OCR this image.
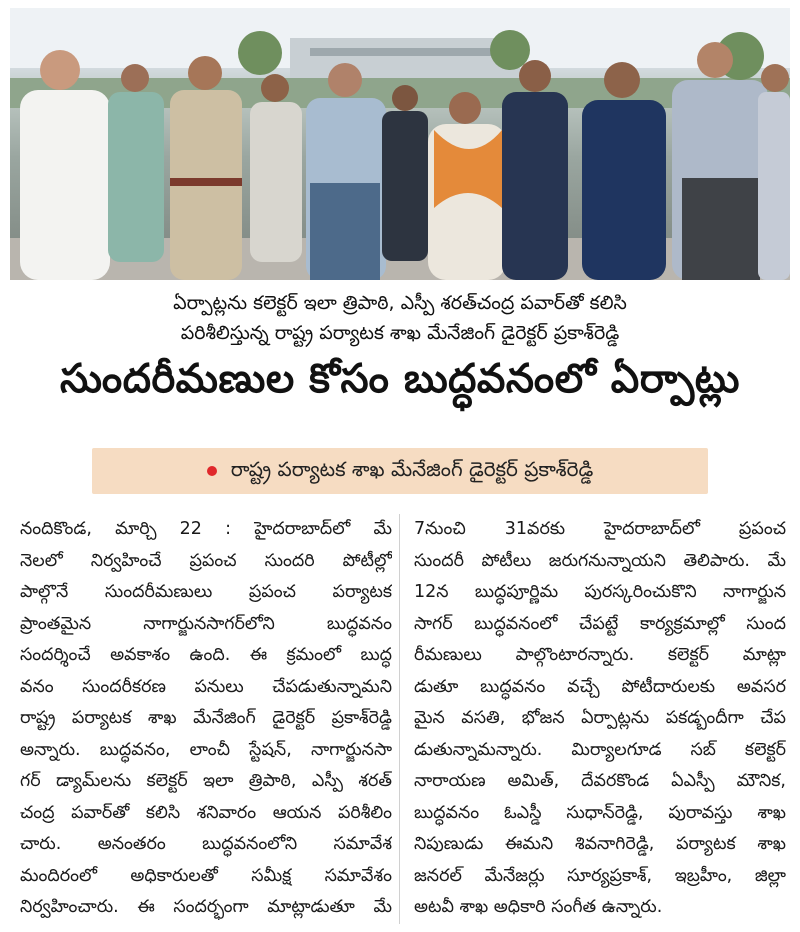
ఏర్పాట్లను కలెక్టర్ ఇలా త్రిపాఠి, ఎస్పీ శరత్‌చంద్ర పవార్‌తో కలిసి
పరిశీలిస్తున్న రాష్ట్ర పర్యాటక శాఖ మేనేజింగ్ డైరెక్టర్ ప్రకాశ్‌రెడ్డి
సుందరీమణుల కోసం బుద్ధవనంలో ఏర్పాట్లు
రాష్ట్ర పర్యాటక శాఖ మేనేజింగ్ డైరెక్టర్ ప్రకాశ్‌రెడ్డి

నందికొండ, మార్చి 22 : హైదరాబాద్‌లో మే

నెలలో నిర్వహించే ప్రపంచ సుందరి పోటీల్లో

పాల్గొనే సుందరీమణులు ప్రపంచ పర్యాటక

ప్రాంతమైన నాగార్జునసాగర్‌లోని బుద్ధవనం

సందర్శించే అవకాశం ఉంది. ఈ క్రమంలో బుద్ధ

వనం సుందరీకరణ పనులు చేపడుతున్నామని

రాష్ట్ర పర్యాటక శాఖ మేనేజింగ్ డైరెక్టర్ ప్రకాశ్‌రెడ్డి

అన్నారు. బుద్ధవనం, లాంచీ స్టేషన్, నాగార్జునసా

గర్ డ్యామ్‌లను కలెక్టర్ ఇలా త్రిపాఠి, ఎస్పీ శరత్

చంద్ర పవార్‌తో కలిసి శనివారం ఆయన పరిశీలిం

చారు. అనంతరం బుద్ధవనంలోని సమావేశ

మందిరంలో అధికారులతో సమీక్ష సమావేశం

నిర్వహించారు. ఈ సందర్భంగా మాట్లాడుతూ మే

7నుంచి 31వరకు హైదరాబాద్‌లో ప్రపంచ

సుందరీ పోటీలు జరుగనున్నాయని తెలిపారు. మే

12న బుద్ధపూర్ణిమ పురస్కరించుకొని నాగార్జున

సాగర్ బుద్ధవనంలో చేపట్టే కార్యక్రమాల్లో సుంద

రీమణులు పాల్గొంటారన్నారు. కలెక్టర్ మాట్లా

డుతూ బుద్ధవనం వచ్చే పోటీదారులకు అవసర

మైన వసతి, భోజన ఏర్పాట్లను పకడ్బందీగా చేప

డుతున్నామన్నారు. మిర్యాలగూడ సబ్ కలెక్టర్

నారాయణ అమిత్, దేవరకొండ ఏఎస్పీ మౌనిక,

బుద్ధవనం ఓఎస్డీ సుధాన్‌రెడ్డి, పురావస్తు శాఖ

నిపుణుడు ఈమని శివనాగిరెడ్డి, పర్యాటక శాఖ

జనరల్ మేనేజర్లు సూర్యప్రకాశ్, ఇబ్రహీం, జిల్లా

అటవీ శాఖ అధికారి సంగీత ఉన్నారు.
